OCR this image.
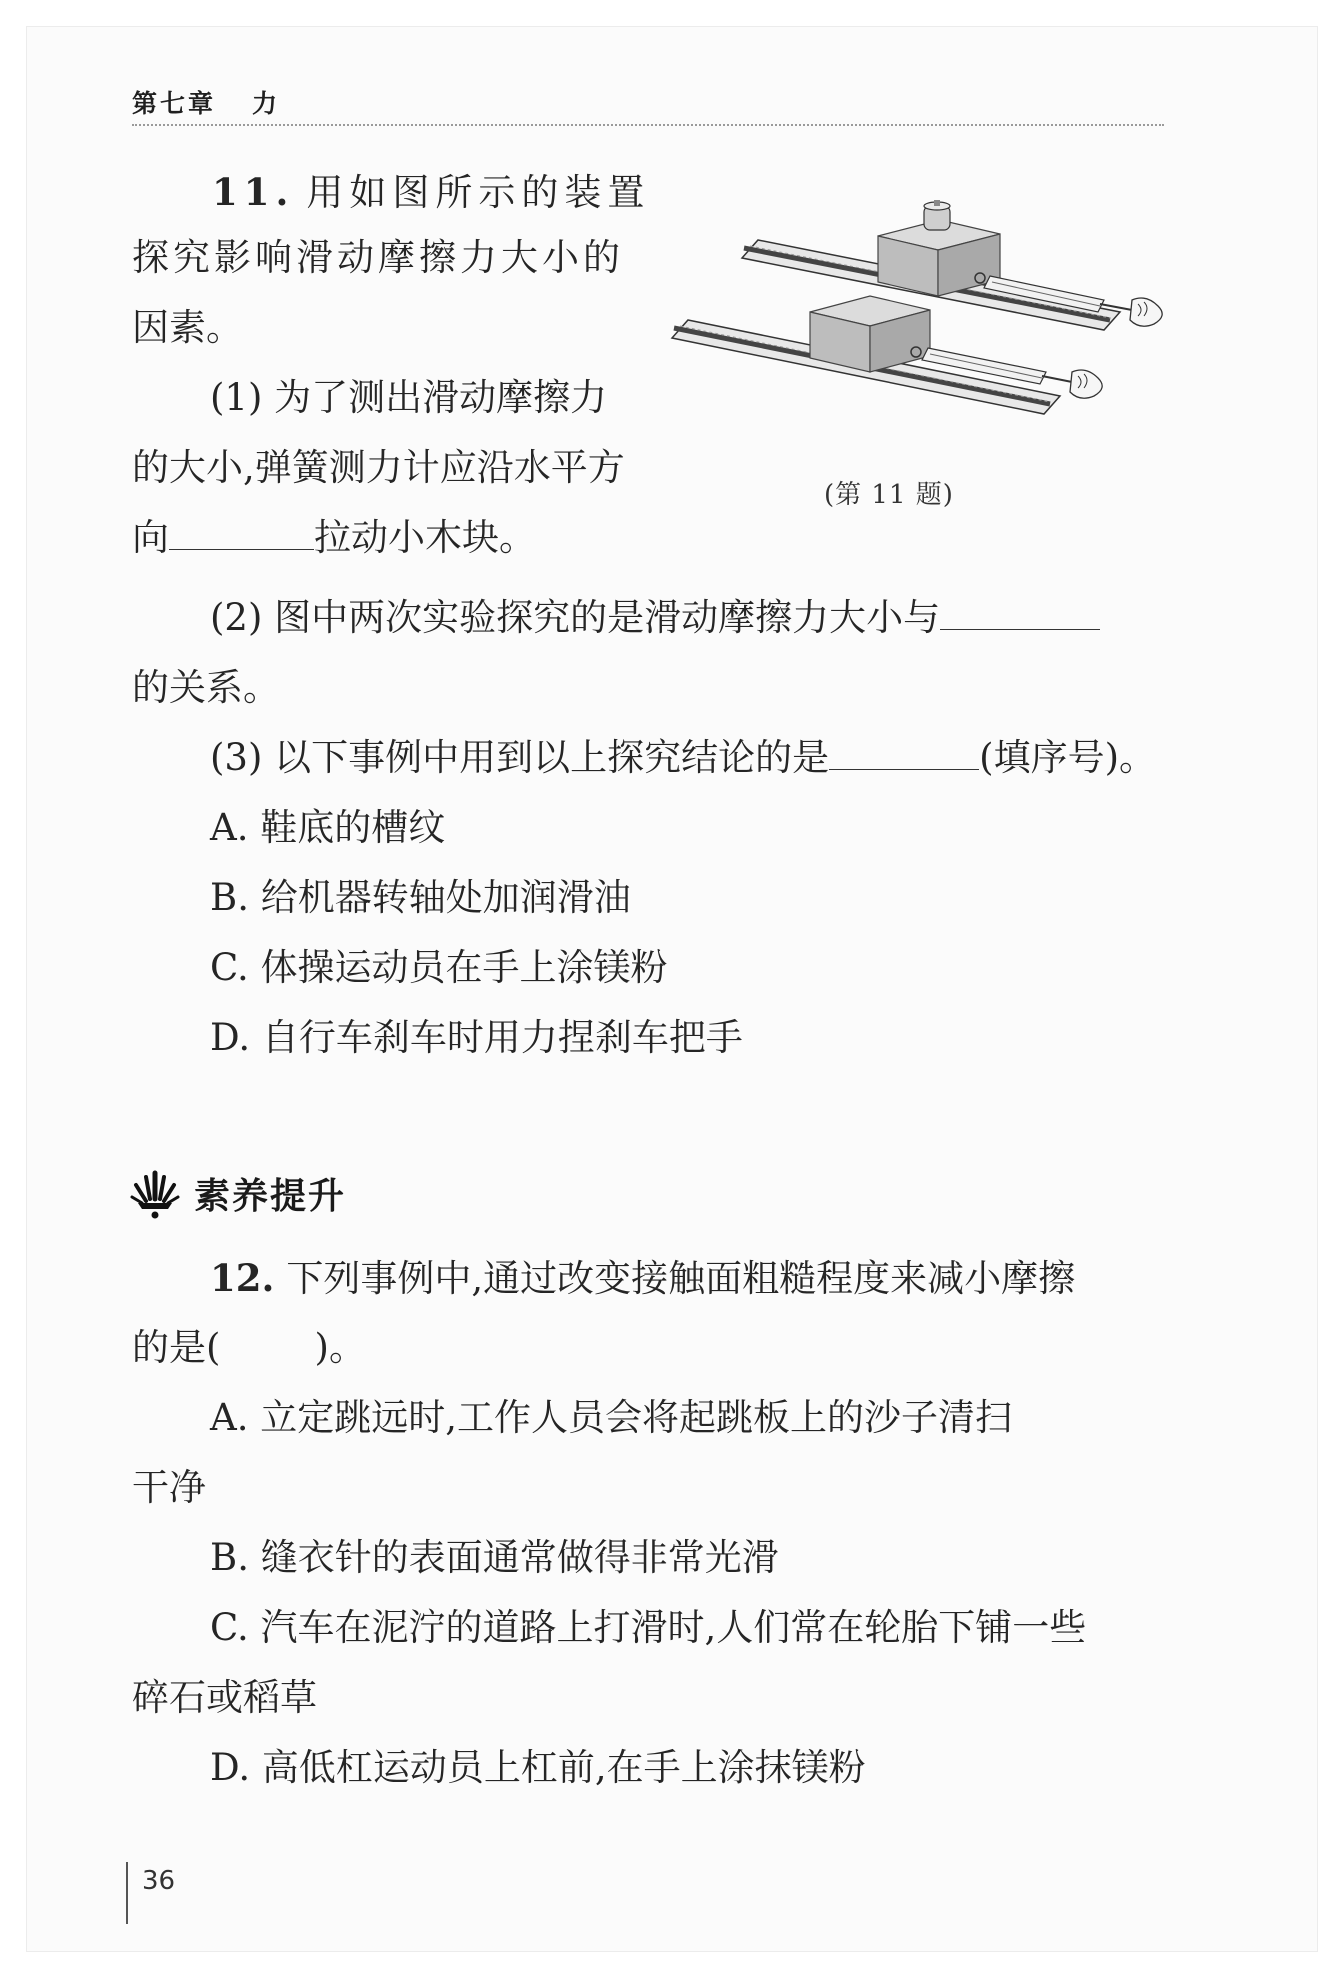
第七章 力
11. 用如图所示的装置
探究影响滑动摩擦力大小的
因素。
(1) 为了测出滑动摩擦力
的大小,弹簧测力计应沿水平方
向	拉动小木块。
(第 11 题)
(2) 图中两次实验探究的是滑动摩擦力大小与
的关系。
(3) 以下事例中用到以上探究结论的是	(填序号)。
A. 鞋底的槽纹
B. 给机器转轴处加润滑油
C. 体操运动员在手上涂镁粉
D. 自行车刹车时用力捏刹车把手
素养提升
12. 下列事例中,通过改变接触面粗糙程度来减小摩擦
的是(        )。
A. 立定跳远时,工作人员会将起跳板上的沙子清扫
干净
B. 缝衣针的表面通常做得非常光滑
C. 汽车在泥泞的道路上打滑时,人们常在轮胎下铺一些
碎石或稻草
D. 高低杠运动员上杠前,在手上涂抹镁粉
36
